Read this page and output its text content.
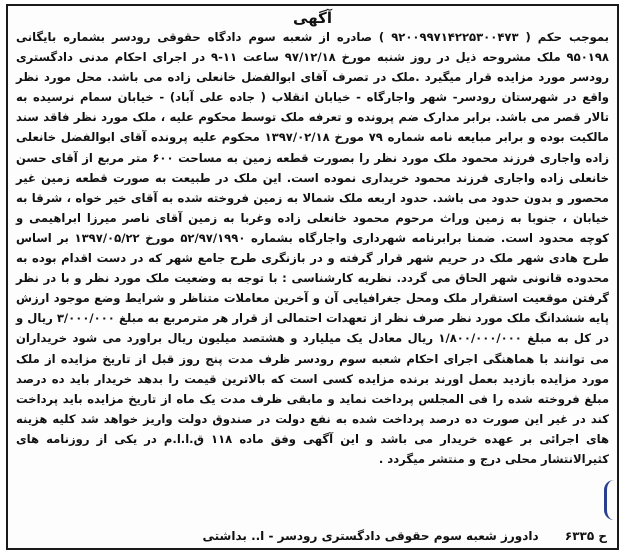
آگهی

بموجب حکم ( ۹۲۰۰۹۹۷۱۴۲۲۵۳۰۰۴۷۳ ) صادره از شعبه سوم دادگاه حقوقی رودسر بشماره بایگانی ۹۵۰۱۹۸ ملک مشروحه ذیل در روز شنبه مورخ ۹۷/۱۲/۱۸ ساعت ۱۱-۹ در اجرای احکام مدنی دادگستری رودسر مورد مزایده قرار میگیرد .ملک در تصرف آقای ابوالفضل خانعلی زاده می باشد. محل مورد نظر واقع در شهرستان رودسر- شهر واجارگاه - خیابان انقلاب ( جاده علی آباد) - خیابان سمام نرسیده به تالار قصر می باشد. برابر مدارک ضم پرونده و تعرفه ملک توسط محکوم علیه ، ملک مورد نظر فاقد سند مالکیت بوده و برابر مبایعه نامه شماره ۷۹ مورخ ۱۳۹۷/۰۲/۱۸ محکوم علیه پرونده آقای ابوالفضل خانعلی زاده واجاری فرزند محمود ملک مورد نظر را بصورت قطعه زمین به مساحت ۶۰۰ متر مربع از آقای حسن خانعلی زاده واجاری فرزند محمود خریداری نموده است. این ملک در طبیعت به صورت قطعه زمین غیر محصور و بدون حدود می باشد. حدود اربعه ملک شمالا به زمین فروخته شده به آقای خیر خواه ، شرقا به خیابان ، جنوبا به زمین وراث مرحوم محمود خانعلی زاده وغربا به زمین آقای ناصر میرزا ابراهیمی و کوچه محدود است. ضمنا برابرنامه شهرداری واجارگاه بشماره ۵۲/۹۷/۱۹۹۰ مورخ ۱۳۹۷/۰۵/۲۲ بر اساس طرح هادی شهر ملک در حریم شهر قرار گرفته و در بازنگری طرح جامع شهر که در دست اقدام بوده به محدوده قانونی شهر الحاق می گردد. نظریه کارشناسی : با توجه به وضعیت ملک مورد نظر و با در نظر گرفتن موقعیت استقرار ملک ومحل جغرافیایی آن و آخرین معاملات متناظر و شرایط وضع موجود ارزش پایه ششدانگ ملک مورد نظر صرف نظر از تعهدات احتمالی از قرار هر مترمربع به مبلغ ۳/۰۰۰/۰۰۰ ریال و در کل به مبلغ ۱/۸۰۰/۰۰۰/۰۰۰ ریال معادل یک میلیارد و هشتصد میلیون ریال براورد می شود خریداران می توانند با هماهنگی اجرای احکام شعبه سوم رودسر ظرف مدت پنج روز قبل از تاریخ مزایده از ملک مورد مزایده بازدید بعمل اورند برنده مزایده کسی است که بالاترین قیمت را بدهد خریدار باید ده درصد مبلغ فروخته شده را فی المجلس پرداخت نماید و مابقی ظرف مدت یک ماه از تاریخ مزایده باید پرداخت کند در غیر این صورت ده درصد پرداخت شده به نفع دولت در صندوق دولت واریز خواهد شد کلیه هزینه های اجرائی بر عهده خریدار می باشد و این آگهی وفق ماده ۱۱۸ ق.ا.ا.م در یکی از روزنامه های کثیرالانتشار محلی درج و منتشر میگردد .

ح ۶۳۳۵ دادورز شعبه سوم حقوقی دادگستری رودسر - ا.. بداشتی
